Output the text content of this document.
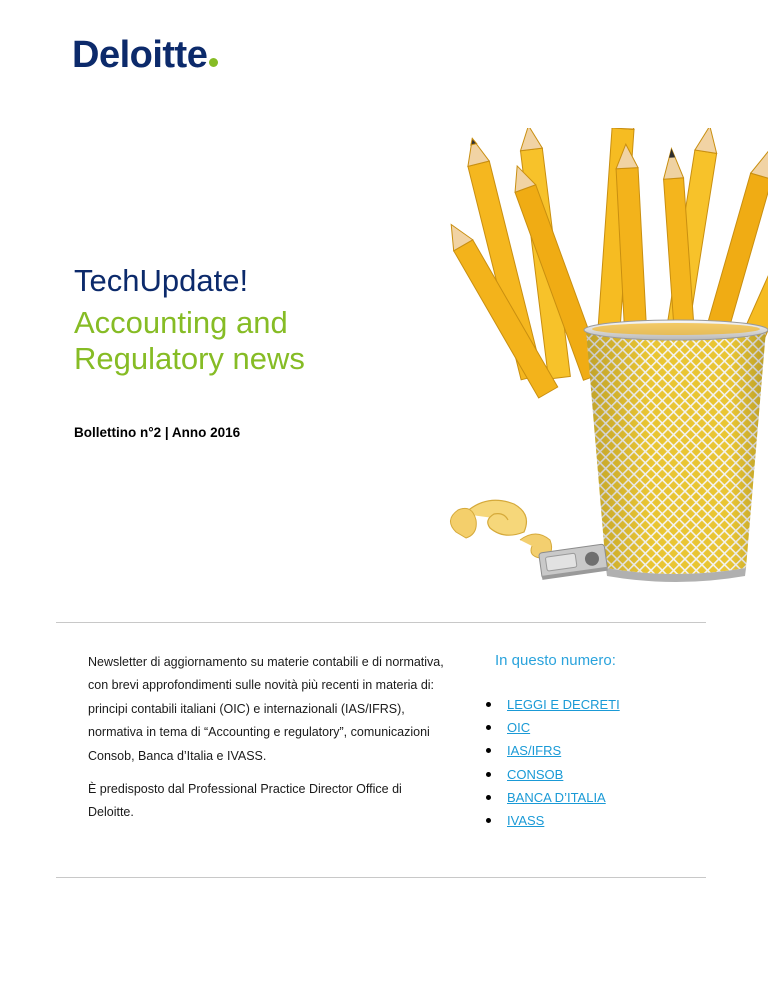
Deloitte
TechUpdate!
Accounting and
Regulatory news
Bollettino n°2 | Anno 2016

Newsletter di aggiornamento su materie contabili e di normativa, con brevi approfondimenti sulle novità più recenti in materia di: principi contabili italiani (OIC) e internazionali (IAS/IFRS), normativa in tema di “Accounting e regulatory”, comunicazioni Consob, Banca d’Italia e IVASS.

È predisposto dal Professional Practice Director Office di Deloitte.

In questo numero:
LEGGI E DECRETI
OIC
IAS/IFRS
CONSOB
BANCA D’ITALIA
IVASS
